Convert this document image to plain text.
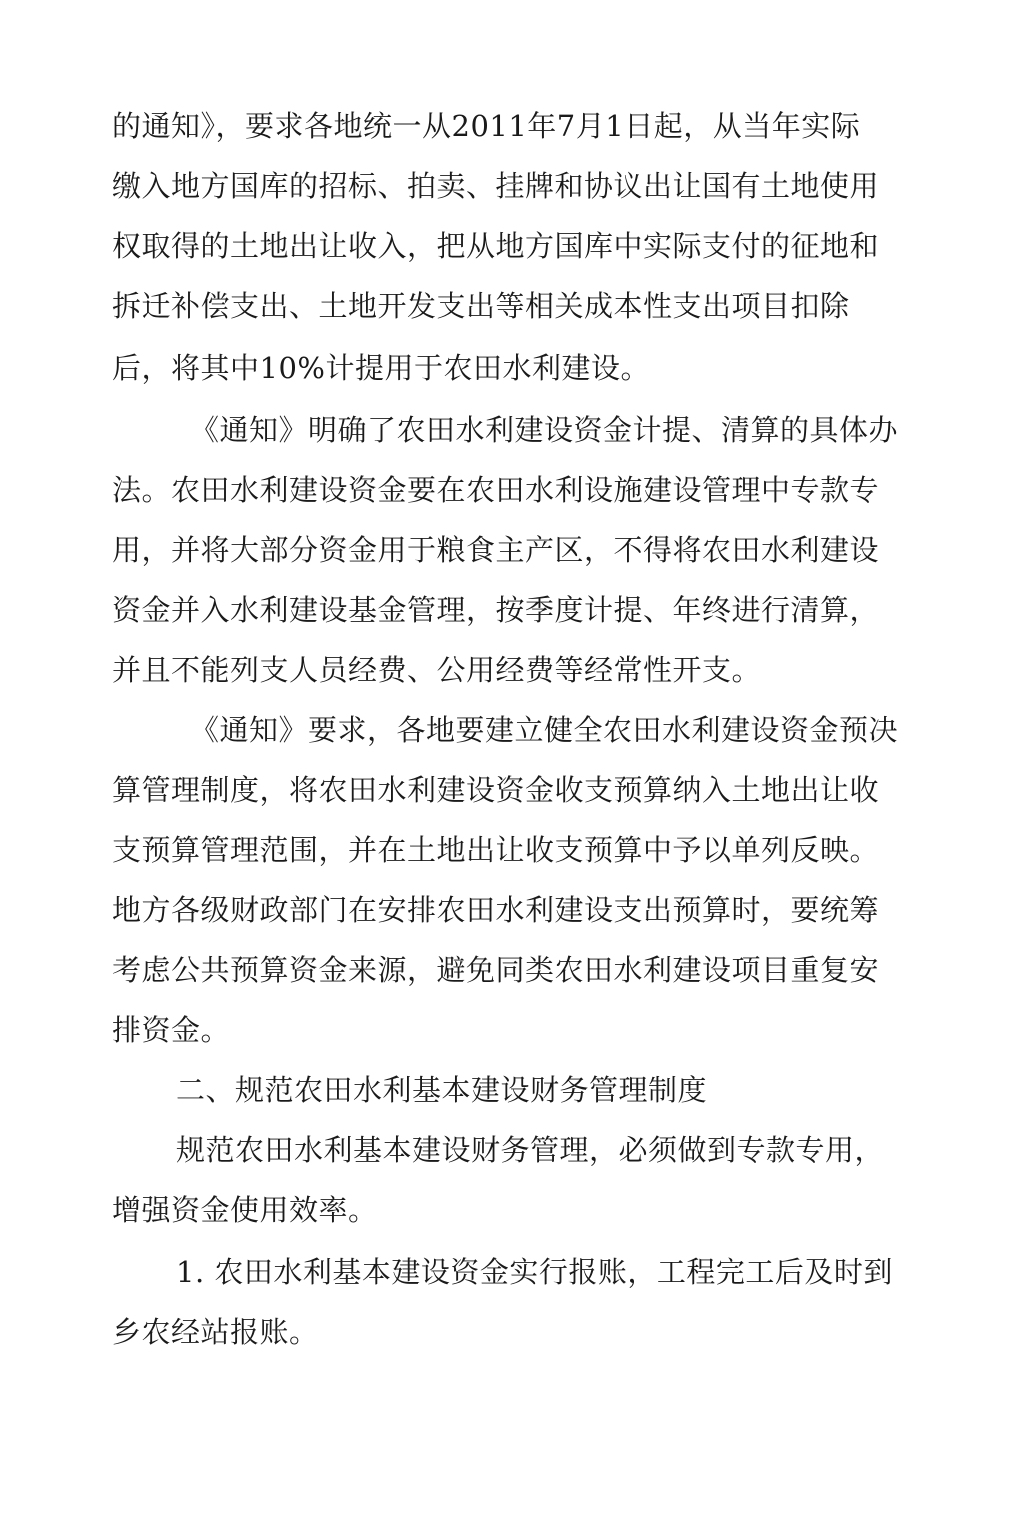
的通知》，要求各地统一从2011年7月1日起，从当年实际
缴入地方国库的招标、拍卖、挂牌和协议出让国有土地使用
权取得的土地出让收入，把从地方国库中实际支付的征地和
拆迁补偿支出、土地开发支出等相关成本性支出项目扣除
后，将其中10%计提用于农田水利建设。
《通知》明确了农田水利建设资金计提、清算的具体办
法。农田水利建设资金要在农田水利设施建设管理中专款专
用，并将大部分资金用于粮食主产区，不得将农田水利建设
资金并入水利建设基金管理，按季度计提、年终进行清算，
并且不能列支人员经费、公用经费等经常性开支。
《通知》要求，各地要建立健全农田水利建设资金预决
算管理制度，将农田水利建设资金收支预算纳入土地出让收
支预算管理范围，并在土地出让收支预算中予以单列反映。
地方各级财政部门在安排农田水利建设支出预算时，要统筹
考虑公共预算资金来源，避免同类农田水利建设项目重复安
排资金。
二、规范农田水利基本建设财务管理制度
规范农田水利基本建设财务管理，必须做到专款专用，
增强资金使用效率。
1. 农田水利基本建设资金实行报账，工程完工后及时到
乡农经站报账。
